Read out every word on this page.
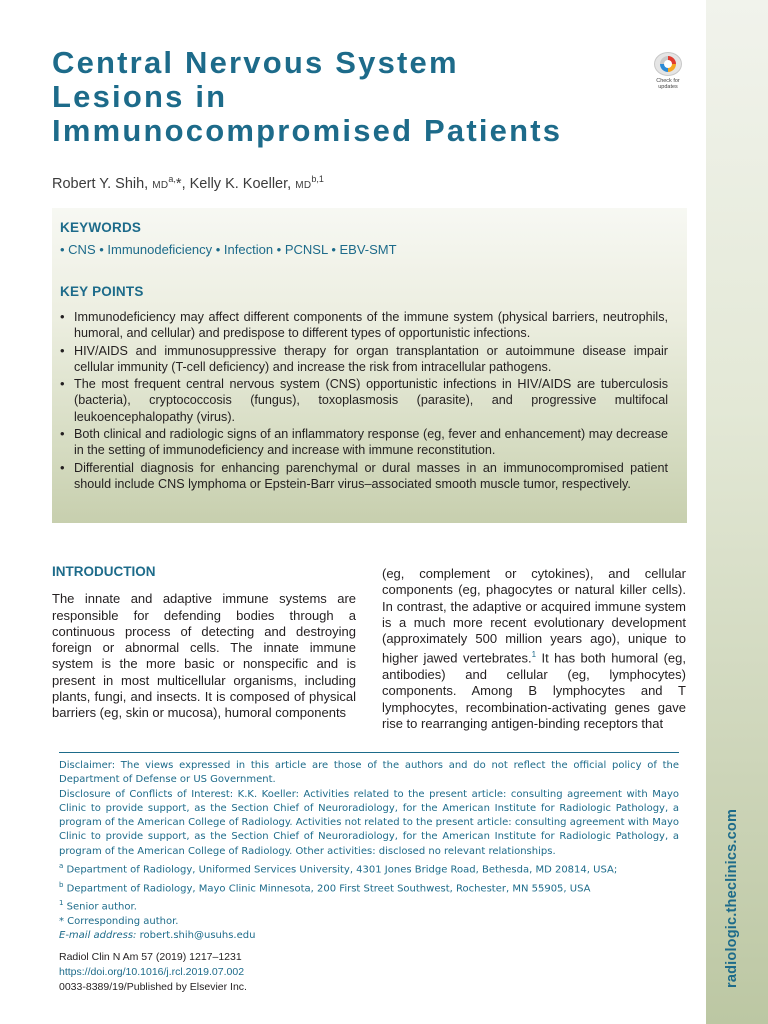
radiologic.theclinics.com
Central Nervous System
Lesions in
Immunocompromised Patients
Check for
updates
Robert Y. Shih, $MD^{a,}*$, Kelly K. Koeller, MD$^{b,1}$
KEYWORDS
• CNS • Immunodeficiency • Infection • PCNSL • EBV-SMT
KEY POINTS
• Immunodeficiency may affect different components of the immune system (physical barriers, neutrophils, humoral, and cellular) and predispose to different types of opportunistic infections.
• HIV/AIDS and immunosuppressive therapy for organ transplantation or autoimmune disease impair cellular immunity (T-cell deficiency) and increase the risk from intracellular pathogens.
• The most frequent central nervous system (CNS) opportunistic infections in HIV/AIDS are tuberculosis (bacteria), cryptococcosis (fungus), toxoplasmosis (parasite), and progressive multifocal leukoencephalopathy (virus).
• Both clinical and radiologic signs of an inflammatory response (eg, fever and enhancement) may decrease in the setting of immunodeficiency and increase with immune reconstitution.
• Differential diagnosis for enhancing parenchymal or dural masses in an immunocompromised patient should include CNS lymphoma or Epstein-Barr virus–associated smooth muscle tumor, respectively.
INTRODUCTION

The innate and adaptive immune systems are responsible for defending bodies through a continuous process of detecting and destroying foreign or abnormal cells. The innate immune system is the more basic or nonspecific and is present in most multicellular organisms, including plants, fungi, and insects. It is composed of physical barriers (eg, skin or mucosa), humoral components

(eg, complement or cytokines), and cellular components (eg, phagocytes or natural killer cells). In contrast, the adaptive or acquired immune system is a much more recent evolutionary development (approximately 500 million years ago), unique to higher jawed vertebrates.$^1$ It has both humoral (eg, antibodies) and cellular (eg, lymphocytes) components. Among B lymphocytes and T lymphocytes, recombination-activating genes gave rise to rearranging antigen-binding receptors that

Disclaimer: The views expressed in this article are those of the authors and do not reflect the official policy of the Department of Defense or US Government.

Disclosure of Conflicts of Interest: K.K. Koeller: Activities related to the present article: consulting agreement with Mayo Clinic to provide support, as the Section Chief of Neuroradiology, for the American Institute for Radiologic Pathology, a program of the American College of Radiology. Activities not related to the present article: consulting agreement with Mayo Clinic to provide support, as the Section Chief of Neuroradiology, for the American Institute for Radiologic Pathology, a program of the American College of Radiology. Other activities: disclosed no relevant relationships.

$^a$ Department of Radiology, Uniformed Services University, 4301 Jones Bridge Road, Bethesda, MD 20814, USA;

$^b$ Department of Radiology, Mayo Clinic Minnesota, 200 First Street Southwest, Rochester, MN 55905, USA

$^1$ Senior author.

* Corresponding author.

E-mail address: robert.shih@usuhs.edu

Radiol Clin N Am 57 (2019) 1217–1231
https://doi.org/10.1016/j.rcl.2019.07.002
0033-8389/19/Published by Elsevier Inc.
